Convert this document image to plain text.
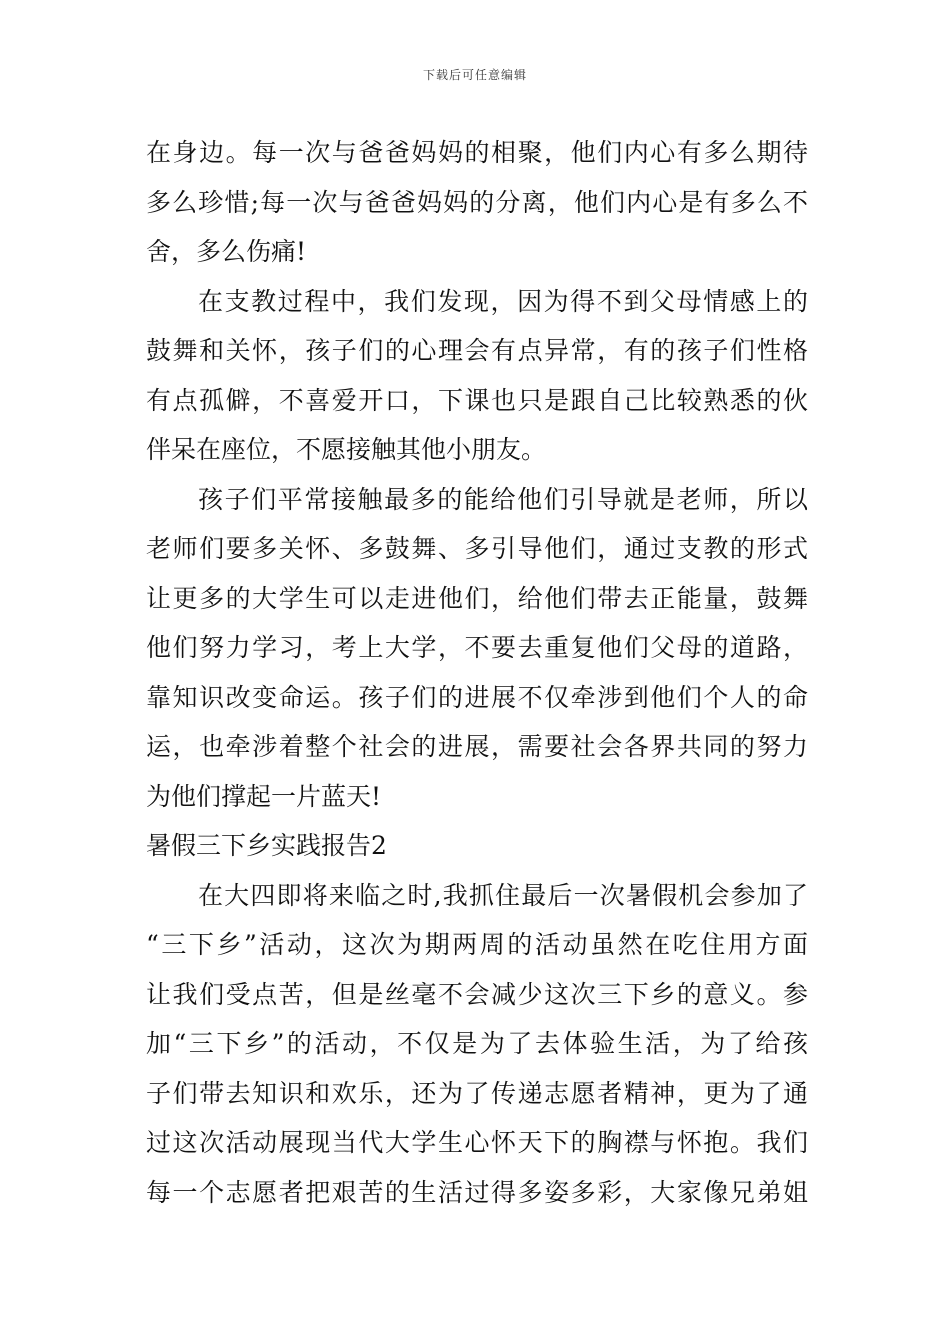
下载后可任意编辑
在身边。每一次与爸爸妈妈的相聚，他们内心有多么期待
多么珍惜;每一次与爸爸妈妈的分离，他们内心是有多么不
舍，多么伤痛!
在支教过程中，我们发现，因为得不到父母情感上的
鼓舞和关怀，孩子们的心理会有点异常，有的孩子们性格
有点孤僻，不喜爱开口，下课也只是跟自己比较熟悉的伙
伴呆在座位，不愿接触其他小朋友。
孩子们平常接触最多的能给他们引导就是老师，所以
老师们要多关怀、多鼓舞、多引导他们，通过支教的形式
让更多的大学生可以走进他们，给他们带去正能量，鼓舞
他们努力学习，考上大学，不要去重复他们父母的道路，
靠知识改变命运。孩子们的进展不仅牵涉到他们个人的命
运，也牵涉着整个社会的进展，需要社会各界共同的努力
为他们撑起一片蓝天!
暑假三下乡实践报告2
在大四即将来临之时,我抓住最后一次暑假机会参加了
“三下乡”活动，这次为期两周的活动虽然在吃住用方面
让我们受点苦，但是丝毫不会减少这次三下乡的意义。参
加“三下乡”的活动，不仅是为了去体验生活，为了给孩
子们带去知识和欢乐，还为了传递志愿者精神，更为了通
过这次活动展现当代大学生心怀天下的胸襟与怀抱。我们
每一个志愿者把艰苦的生活过得多姿多彩，大家像兄弟姐
